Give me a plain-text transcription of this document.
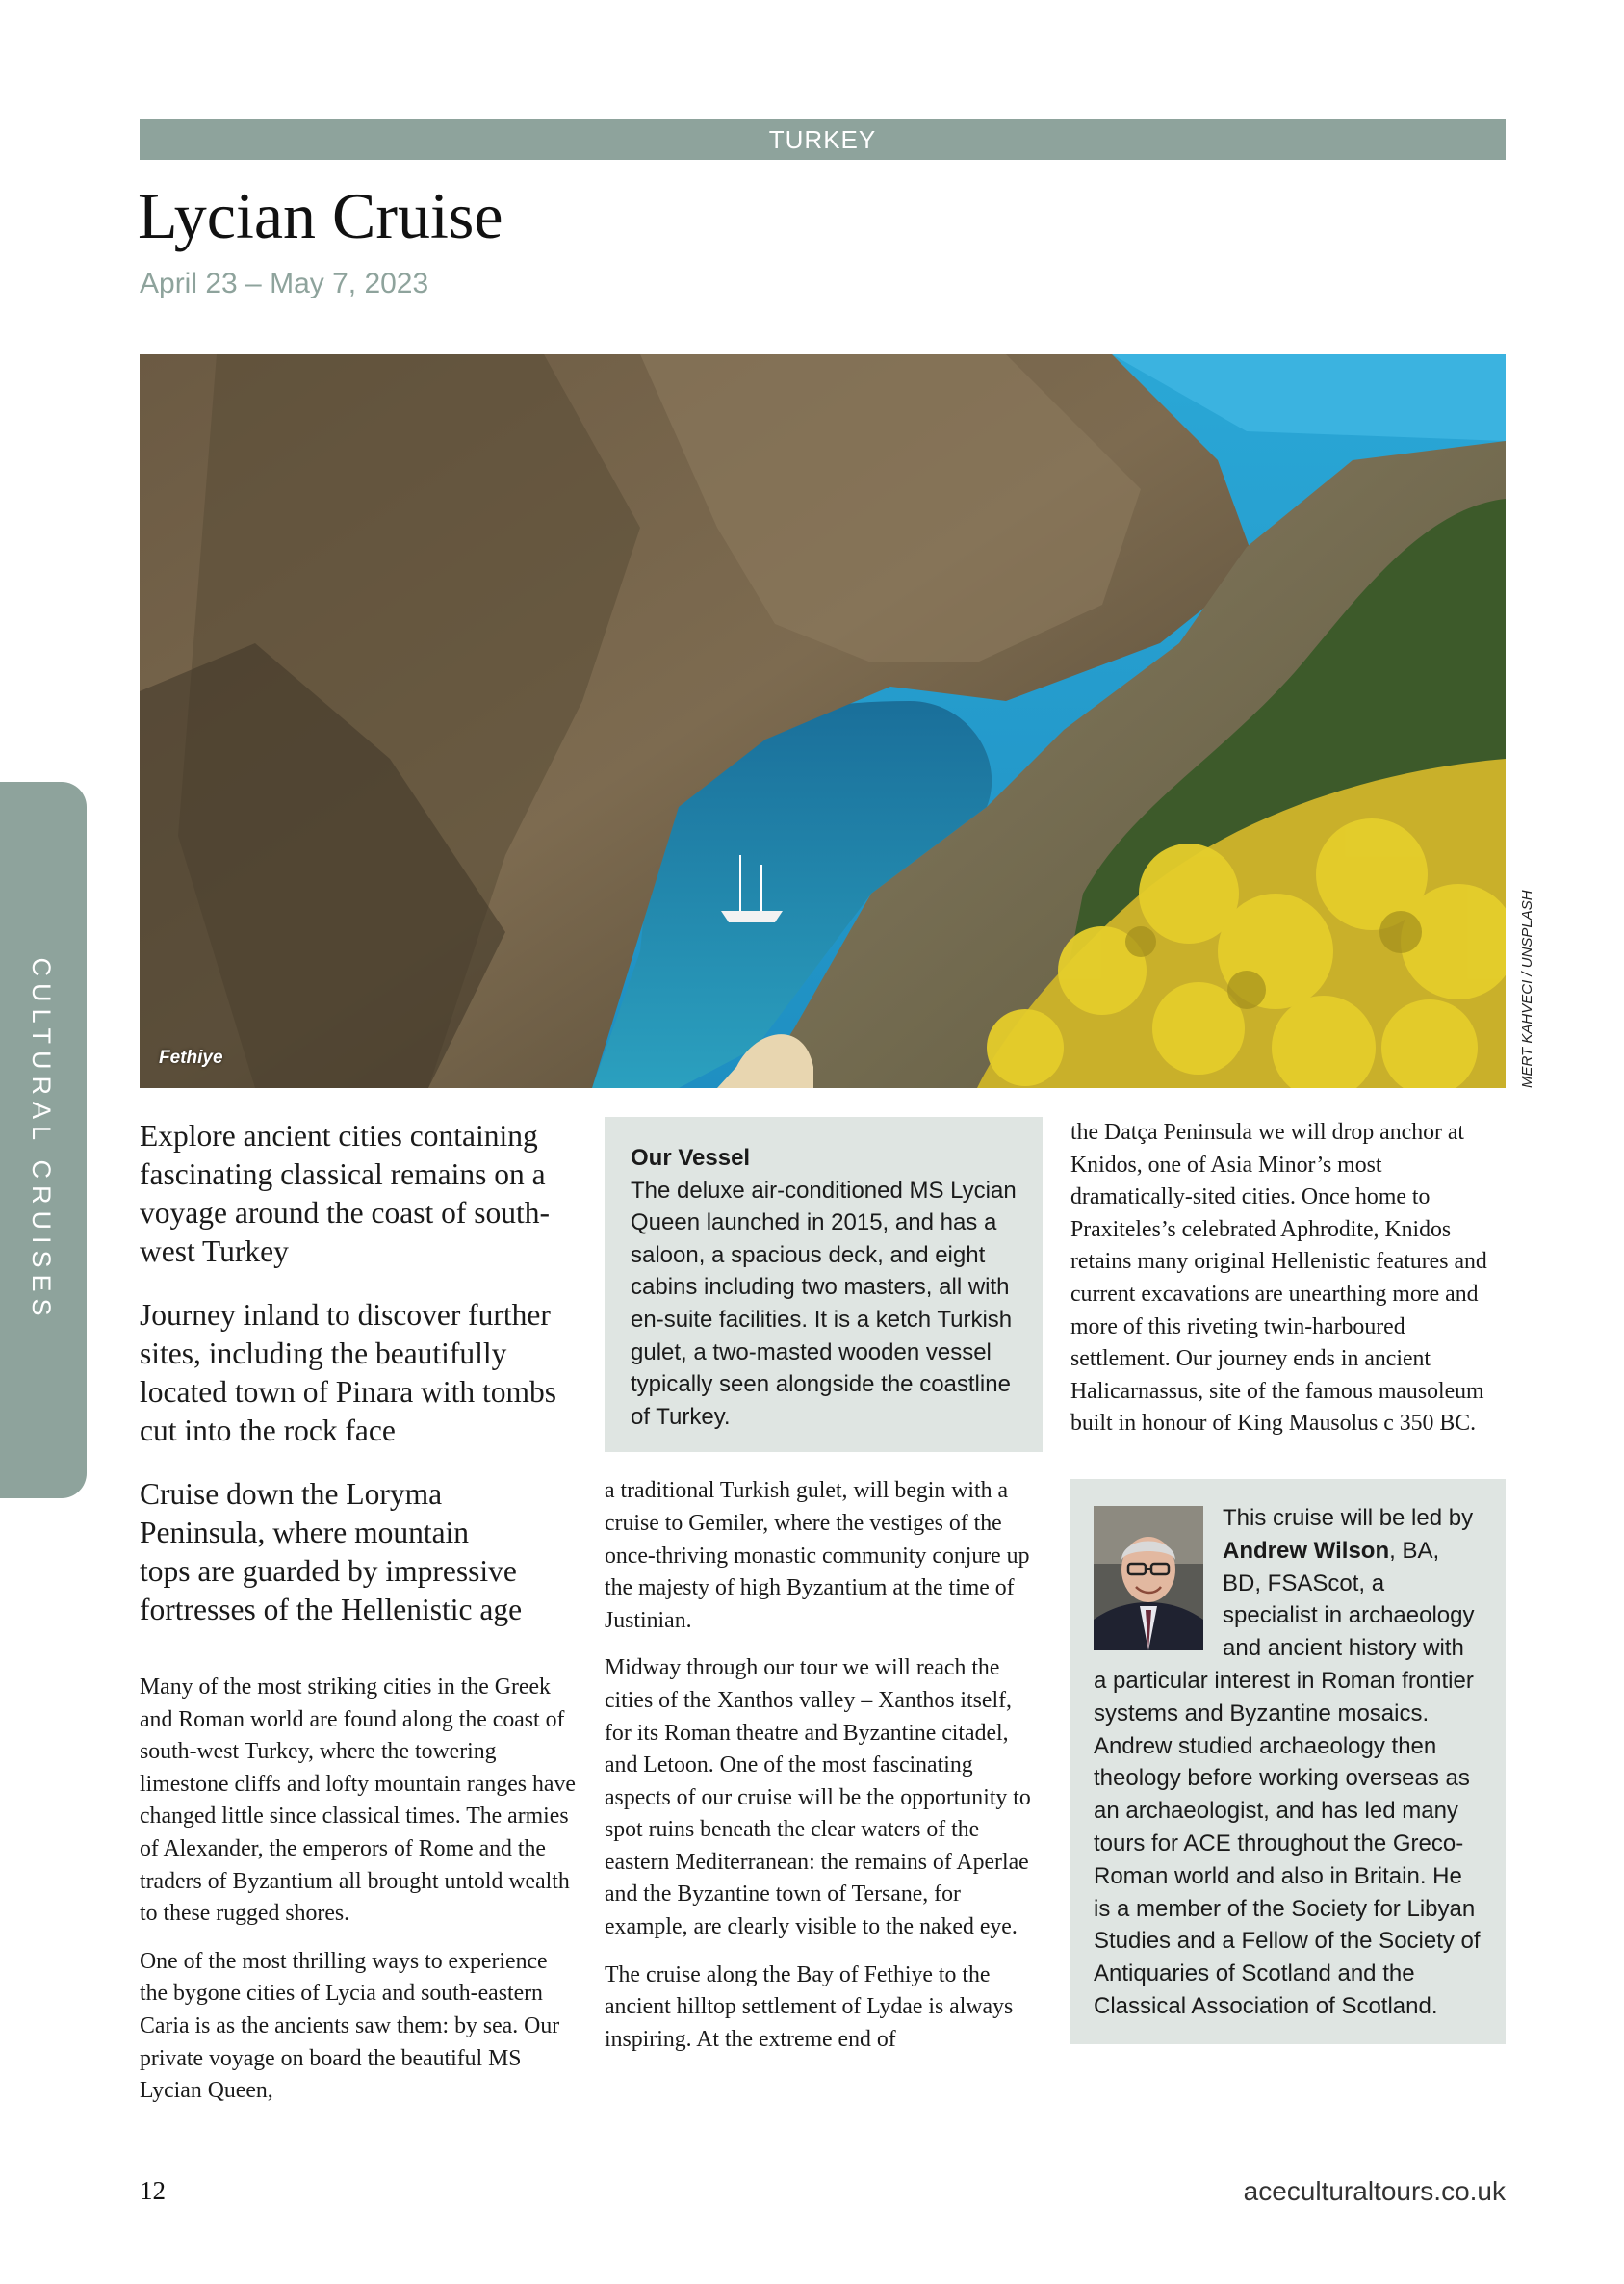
TURKEY
Lycian Cruise
April 23 – May 7, 2023
Fethiye	MERT KAHVECI / UNSPLASH
CULTURAL CRUISES	Explore ancient cities containing fascinating classical remains on a voyage around the coast of south-west Turkey

Journey inland to discover further sites, including the beautifully located town of Pinara with tombs cut into the rock face

Cruise down the Loryma Peninsula, where mountain tops are guarded by impressive fortresses of the Hellenistic age

Many of the most striking cities in the Greek and Roman world are found along the coast of south-west Turkey, where the towering limestone cliffs and lofty mountain ranges have changed little since classical times. The armies of Alexander, the emperors of Rome and the traders of Byzantium all brought untold wealth to these rugged shores.

One of the most thrilling ways to experience the bygone cities of Lycia and south-eastern Caria is as the ancients saw them: by sea. Our private voyage on board the beautiful MS Lycian Queen,

Our Vessel
The deluxe air-conditioned MS Lycian Queen launched in 2015, and has a saloon, a spacious deck, and eight cabins including two masters, all with en-suite facilities. It is a ketch Turkish gulet, a two-masted wooden vessel typically seen alongside the coastline of Turkey.

a traditional Turkish gulet, will begin with a cruise to Gemiler, where the vestiges of the once-thriving monastic community conjure up the majesty of high Byzantium at the time of Justinian.

Midway through our tour we will reach the cities of the Xanthos valley – Xanthos itself, for its Roman theatre and Byzantine citadel, and Letoon. One of the most fascinating aspects of our cruise will be the opportunity to spot ruins beneath the clear waters of the eastern Mediterranean: the remains of Aperlae and the Byzantine town of Tersane, for example, are clearly visible to the naked eye.

The cruise along the Bay of Fethiye to the ancient hilltop settlement of Lydae is always inspiring. At the extreme end of

the Datça Peninsula we will drop anchor at Knidos, one of Asia Minor’s most dramatically-sited cities. Once home to Praxiteles’s celebrated Aphrodite, Knidos retains many original Hellenistic features and current excavations are unearthing more and more of this riveting twin-harboured settlement. Our journey ends in ancient Halicarnassus, site of the famous mausoleum built in honour of King Mausolus c 350 BC.

This cruise will be led by Andrew Wilson, BA, BD, FSAScot, a specialist in archaeology and ancient history with a particular interest in Roman frontier systems and Byzantine mosaics. Andrew studied archaeology then theology before working overseas as an archaeologist, and has led many tours for ACE throughout the Greco-Roman world and also in Britain. He is a member of the Society for Libyan Studies and a Fellow of the Society of Antiquaries of Scotland and the Classical Association of Scotland.
12	aceculturaltours.co.uk
